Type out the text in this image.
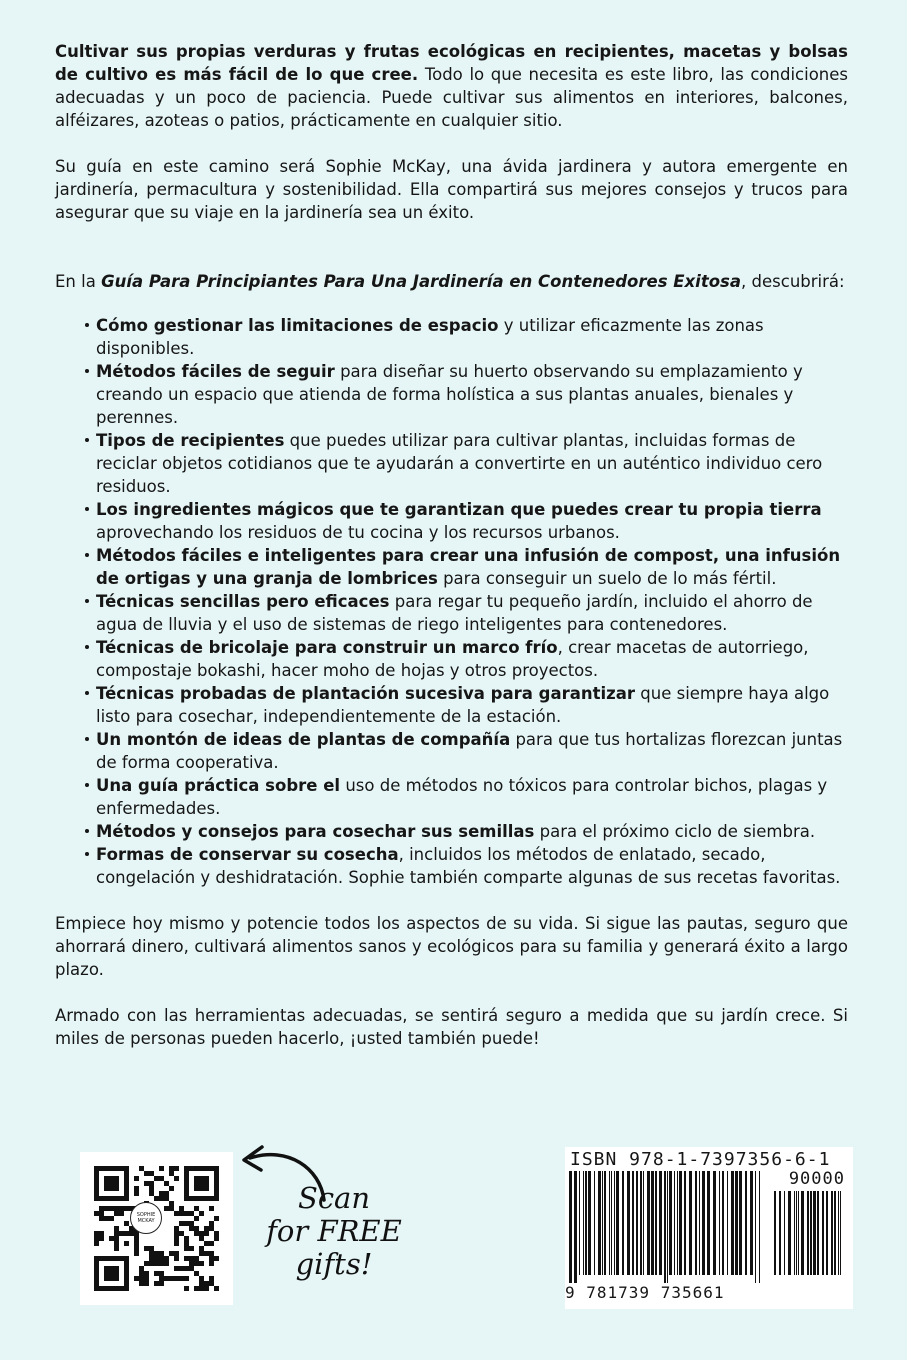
Cultivar sus propias verduras y frutas ecológicas en recipientes, macetas y bolsas de cultivo es más fácil de lo que cree. Todo lo que necesita es este libro, las condiciones adecuadas y un poco de paciencia. Puede cultivar sus alimentos en interiores, balcones, alféizares, azoteas o patios, prácticamente en cualquier sitio.

Su guía en este camino será Sophie McKay, una ávida jardinera y autora emergente en jardinería, permacultura y sostenibilidad. Ella compartirá sus mejores consejos y trucos para asegurar que su viaje en la jardinería sea un éxito.

En la Guía Para Principiantes Para Una Jardinería en Contenedores Exitosa, descubrirá:

Cómo gestionar las limitaciones de espacio y utilizar eficazmente las zonas disponibles.
Métodos fáciles de seguir para diseñar su huerto observando su emplazamiento y creando un espacio que atienda de forma holística a sus plantas anuales, bienales y perennes.
Tipos de recipientes que puedes utilizar para cultivar plantas, incluidas formas de reciclar objetos cotidianos que te ayudarán a convertirte en un auténtico individuo cero residuos.
Los ingredientes mágicos que te garantizan que puedes crear tu propia tierra aprovechando los residuos de tu cocina y los recursos urbanos.
Métodos fáciles e inteligentes para crear una infusión de compost, una infusión de ortigas y una granja de lombrices para conseguir un suelo de lo más fértil.
Técnicas sencillas pero eficaces para regar tu pequeño jardín, incluido el ahorro de agua de lluvia y el uso de sistemas de riego inteligentes para contenedores.
Técnicas de bricolaje para construir un marco frío, crear macetas de autorriego, compostaje bokashi, hacer moho de hojas y otros proyectos.
Técnicas probadas de plantación sucesiva para garantizar que siempre haya algo listo para cosechar, independientemente de la estación.
Un montón de ideas de plantas de compañía para que tus hortalizas florezcan juntas de forma cooperativa.
Una guía práctica sobre el uso de métodos no tóxicos para controlar bichos, plagas y enfermedades.
Métodos y consejos para cosechar sus semillas para el próximo ciclo de siembra.
Formas de conservar su cosecha, incluidos los métodos de enlatado, secado, congelación y deshidratación. Sophie también comparte algunas de sus recetas favoritas.

Empiece hoy mismo y potencie todos los aspectos de su vida. Si sigue las pautas, seguro que ahorrará dinero, cultivará alimentos sanos y ecológicos para su familia y generará éxito a largo plazo.

Armado con las herramientas adecuadas, se sentirá seguro a medida que su jardín crece. Si miles de personas pueden hacerlo, ¡usted también puede!

SOPHIE
MCKAY
Scan
for FREE
gifts!
ISBN 978-1-7397356-6-1
90000
9 781739 735661
